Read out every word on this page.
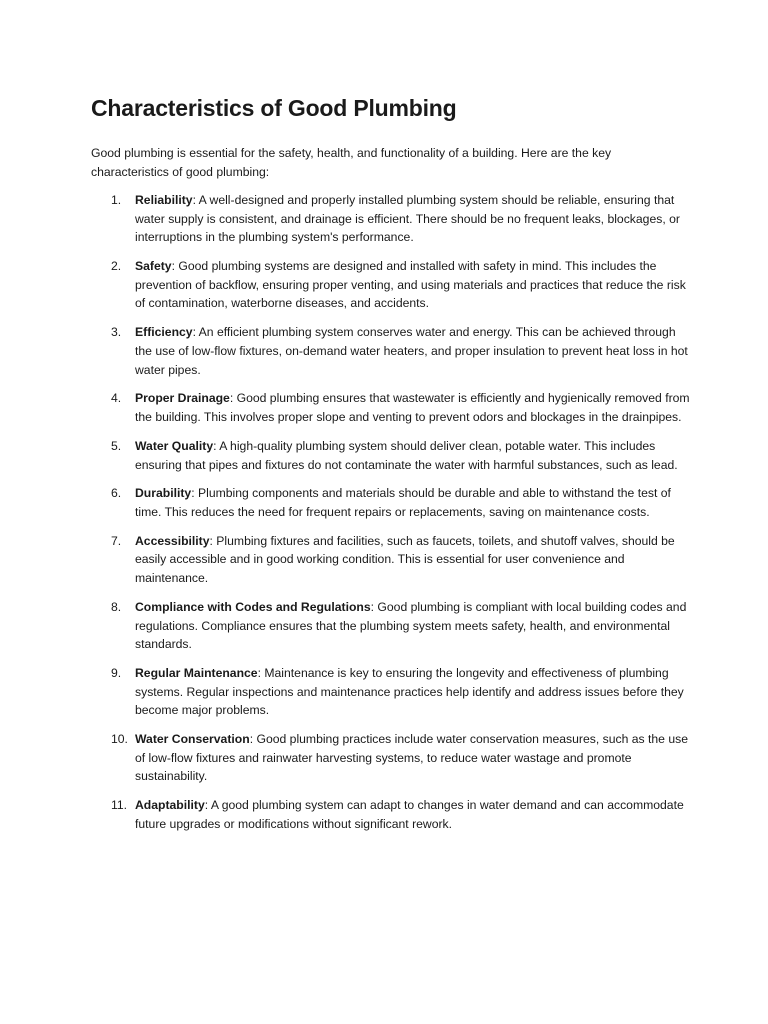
Characteristics of Good Plumbing

Good plumbing is essential for the safety, health, and functionality of a building. Here are the key characteristics of good plumbing:

1.	Reliability: A well-designed and properly installed plumbing system should be reliable, ensuring that water supply is consistent, and drainage is efficient. There should be no frequent leaks, blockages, or interruptions in the plumbing system's performance.
2.	Safety: Good plumbing systems are designed and installed with safety in mind. This includes the prevention of backflow, ensuring proper venting, and using materials and practices that reduce the risk of contamination, waterborne diseases, and accidents.
3.	Efficiency: An efficient plumbing system conserves water and energy. This can be achieved through the use of low-flow fixtures, on-demand water heaters, and proper insulation to prevent heat loss in hot water pipes.
4.	Proper Drainage: Good plumbing ensures that wastewater is efficiently and hygienically removed from the building. This involves proper slope and venting to prevent odors and blockages in the drainpipes.
5.	Water Quality: A high-quality plumbing system should deliver clean, potable water. This includes ensuring that pipes and fixtures do not contaminate the water with harmful substances, such as lead.
6.	Durability: Plumbing components and materials should be durable and able to withstand the test of time. This reduces the need for frequent repairs or replacements, saving on maintenance costs.
7.	Accessibility: Plumbing fixtures and facilities, such as faucets, toilets, and shutoff valves, should be easily accessible and in good working condition. This is essential for user convenience and maintenance.
8.	Compliance with Codes and Regulations: Good plumbing is compliant with local building codes and regulations. Compliance ensures that the plumbing system meets safety, health, and environmental standards.
9.	Regular Maintenance: Maintenance is key to ensuring the longevity and effectiveness of plumbing systems. Regular inspections and maintenance practices help identify and address issues before they become major problems.
10. Water Conservation: Good plumbing practices include water conservation measures, such as the use of low-flow fixtures and rainwater harvesting systems, to reduce water wastage and promote sustainability.
11. Adaptability: A good plumbing system can adapt to changes in water demand and can accommodate future upgrades or modifications without significant rework.
